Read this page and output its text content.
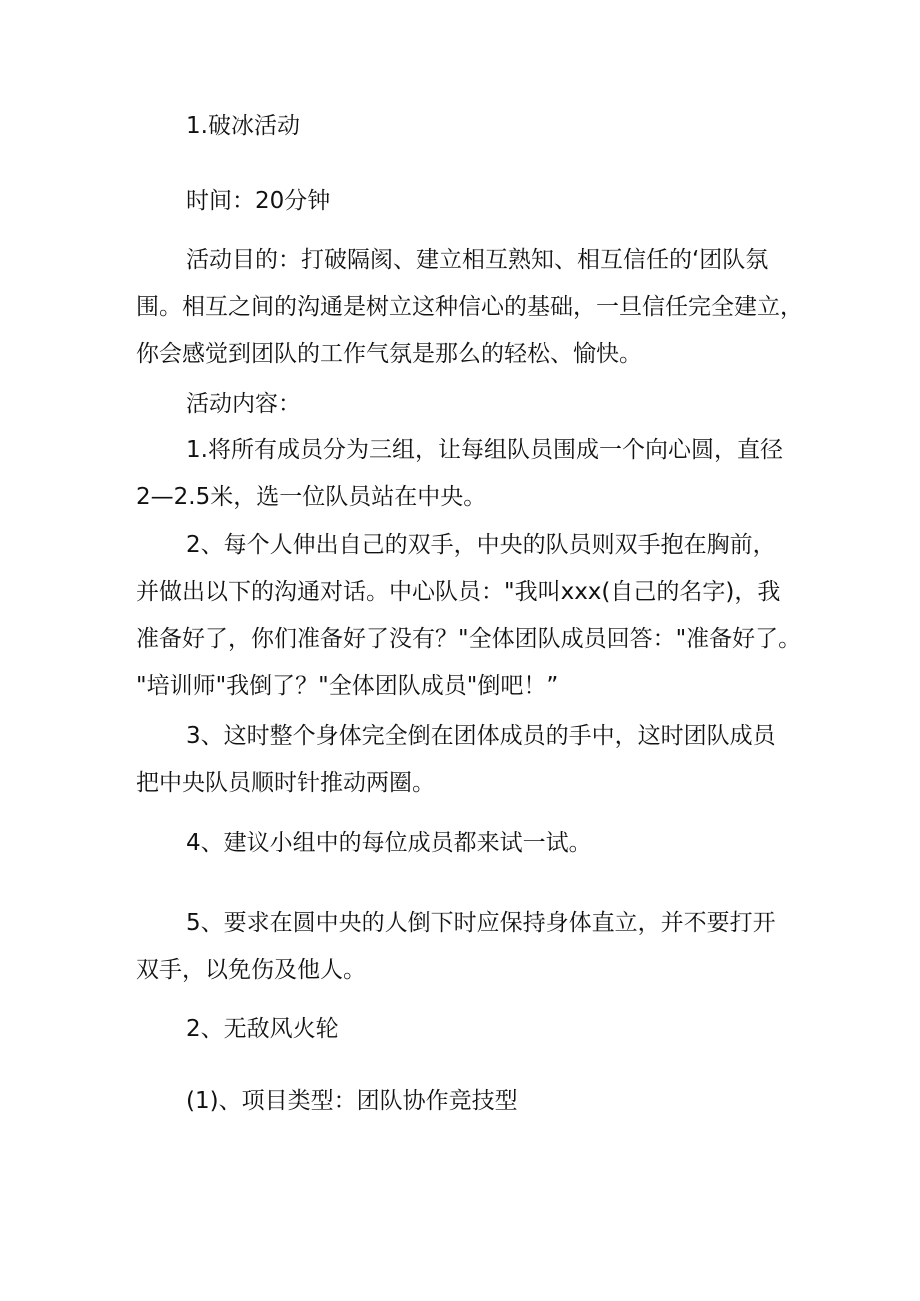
1.破冰活动

时间：20分钟

活动目的：打破隔阂、建立相互熟知、相互信任的‘团队氛
围。相互之间的沟通是树立这种信心的基础，一旦信任完全建立，
你会感觉到团队的工作气氛是那么的轻松、愉快。

活动内容：

1.将所有成员分为三组，让每组队员围成一个向心圆，直径
2—2.5米，选一位队员站在中央。

2、每个人伸出自己的双手，中央的队员则双手抱在胸前，
并做出以下的沟通对话。中心队员："我叫xxx(自己的名字)，我
准备好了，你们准备好了没有？"全体团队成员回答："准备好了。
"培训师"我倒了？"全体团队成员"倒吧！”

3、这时整个身体完全倒在团体成员的手中，这时团队成员
把中央队员顺时针推动两圈。

4、建议小组中的每位成员都来试一试。

5、要求在圆中央的人倒下时应保持身体直立，并不要打开
双手，以免伤及他人。

2、无敌风火轮

(1)、项目类型：团队协作竞技型
